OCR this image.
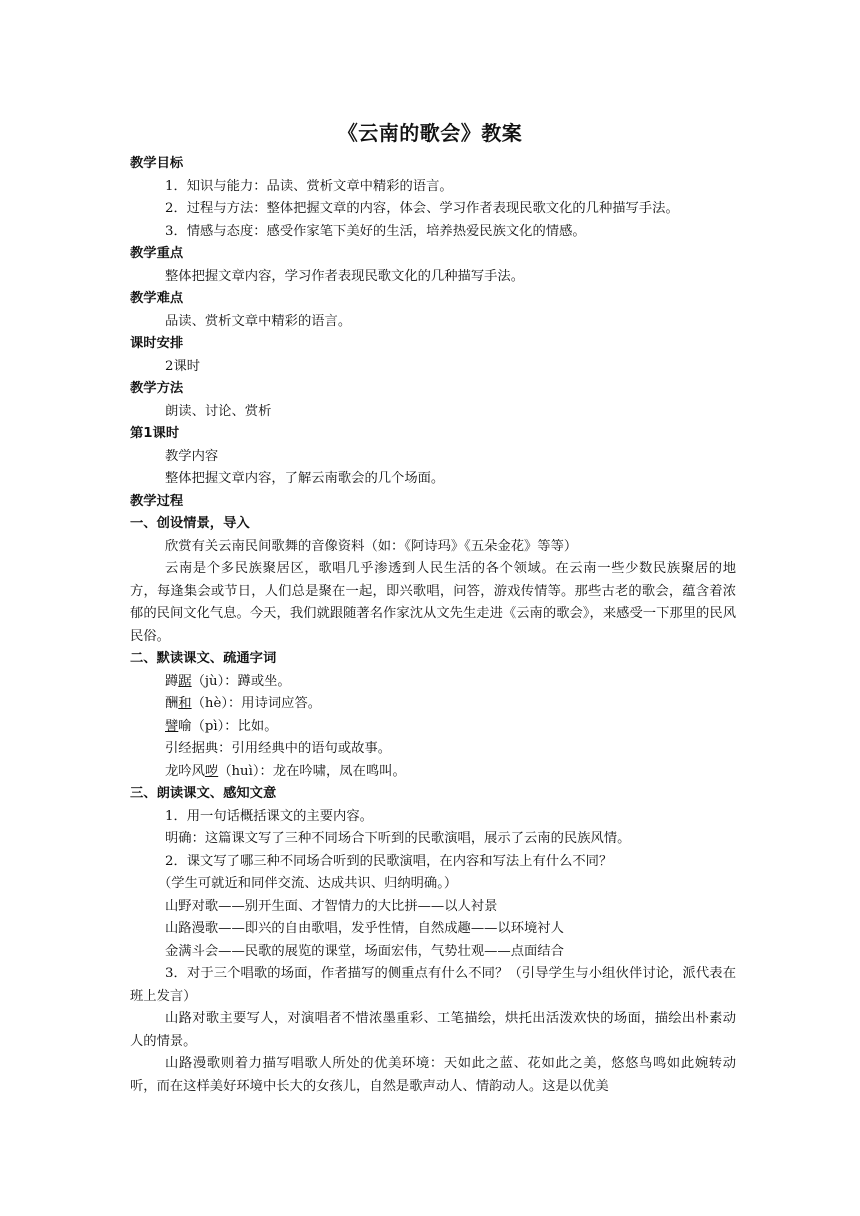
《云南的歌会》教案

教学目标

1．知识与能力：品读、赏析文章中精彩的语言。

2．过程与方法：整体把握文章的内容，体会、学习作者表现民歌文化的几种描写手法。

3．情感与态度：感受作家笔下美好的生活，培养热爱民族文化的情感。

教学重点

整体把握文章内容，学习作者表现民歌文化的几种描写手法。

教学难点

品读、赏析文章中精彩的语言。

课时安排

2课时

教学方法

朗读、讨论、赏析

第1课时

教学内容

整体把握文章内容，了解云南歌会的几个场面。

教学过程

一、创设情景，导入

欣赏有关云南民间歌舞的音像资料（如：《阿诗玛》《五朵金花》等等）

云南是个多民族聚居区，歌唱几乎渗透到人民生活的各个领域。在云南一些少数民族聚居的地方，每逢集会或节日，人们总是聚在一起，即兴歌唱，问答，游戏传情等。那些古老的歌会，蕴含着浓郁的民间文化气息。今天，我们就跟随著名作家沈从文先生走进《云南的歌会》，来感受一下那里的民风民俗。

二、默读课文、疏通字词

蹲踞（jù）：蹲或坐。

酬和（hè）：用诗词应答。

譬喻（pì）：比如。

引经据典：引用经典中的语句或故事。

龙吟风哕（huì）：龙在吟啸，凤在鸣叫。

三、朗读课文、感知文意

1．用一句话概括课文的主要内容。

明确：这篇课文写了三种不同场合下听到的民歌演唱，展示了云南的民族风情。

2．课文写了哪三种不同场合听到的民歌演唱，在内容和写法上有什么不同？

（学生可就近和同伴交流、达成共识、归纳明确。）

山野对歌——别开生面、才智情力的大比拼——以人衬景

山路漫歌——即兴的自由歌唱，发乎性情，自然成趣——以环境衬人

金满斗会——民歌的展览的课堂，场面宏伟，气势壮观——点面结合

3．对于三个唱歌的场面，作者描写的侧重点有什么不同？（引导学生与小组伙伴讨论，派代表在班上发言）

山路对歌主要写人，对演唱者不惜浓墨重彩、工笔描绘，烘托出活泼欢快的场面，描绘出朴素动人的情景。

山路漫歌则着力描写唱歌人所处的优美环境：天如此之蓝、花如此之美，悠悠鸟鸣如此婉转动听，而在这样美好环境中长大的女孩儿，自然是歌声动人、情韵动人。这是以优美
